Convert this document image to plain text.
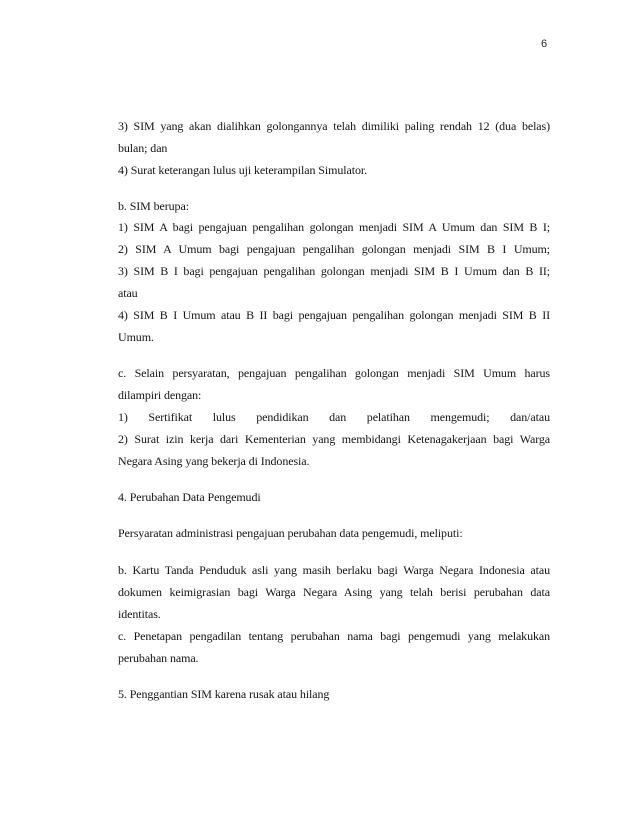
6
3) SIM yang akan dialihkan golongannya telah dimiliki paling rendah 12 (dua belas)
bulan; dan
4) Surat keterangan lulus uji keterampilan Simulator.
b. SIM berupa:
1) SIM A bagi pengajuan pengalihan golongan menjadi SIM A Umum dan SIM B I;
2) SIM A Umum bagi pengajuan pengalihan golongan menjadi SIM B I Umum;
3) SIM B I bagi pengajuan pengalihan golongan menjadi SIM B I Umum dan B II;
atau
4) SIM B I Umum atau B II bagi pengajuan pengalihan golongan menjadi SIM B II
Umum.
c. Selain persyaratan, pengajuan pengalihan golongan menjadi SIM Umum harus
dilampiri dengan:
1) Sertifikat lulus pendidikan dan pelatihan mengemudi; dan/atau
2) Surat izin kerja dari Kementerian yang membidangi Ketenagakerjaan bagi Warga
Negara Asing yang bekerja di Indonesia.
4. Perubahan Data Pengemudi
Persyaratan administrasi pengajuan perubahan data pengemudi, meliputi:
b. Kartu Tanda Penduduk asli yang masih berlaku bagi Warga Negara Indonesia atau
dokumen keimigrasian bagi Warga Negara Asing yang telah berisi perubahan data
identitas.
c. Penetapan pengadilan tentang perubahan nama bagi pengemudi yang melakukan
perubahan nama.
5. Penggantian SIM karena rusak atau hilang
